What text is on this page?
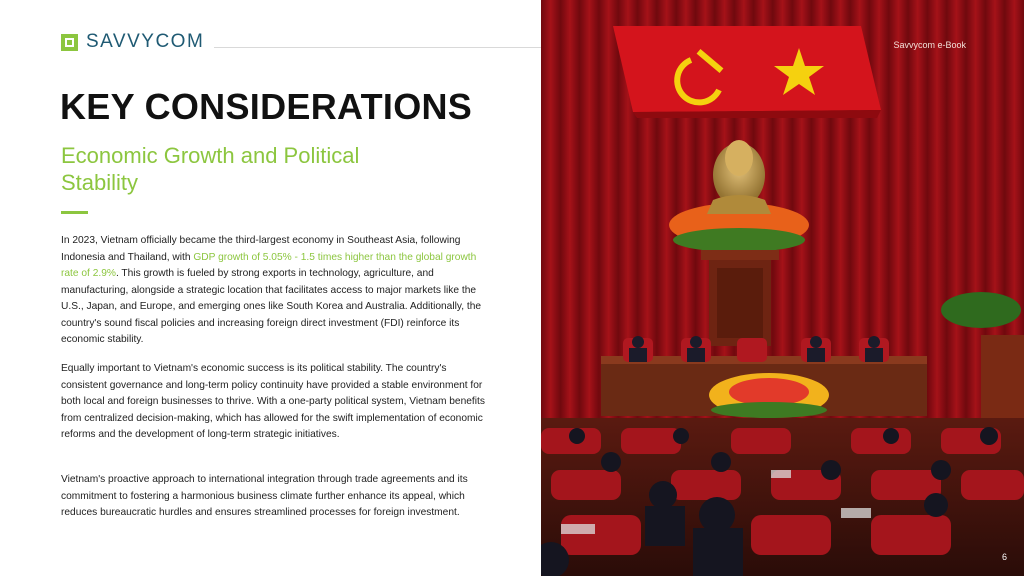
SAVVYCOM
KEY CONSIDERATIONS
Economic Growth and Political Stability

In 2023, Vietnam officially became the third-largest economy in Southeast Asia, following Indonesia and Thailand, with GDP growth of 5.05% - 1.5 times higher than the global growth rate of 2.9%. This growth is fueled by strong exports in technology, agriculture, and manufacturing, alongside a strategic location that facilitates access to major markets like the U.S., Japan, and Europe, and emerging ones like South Korea and Australia. Additionally, the country's sound fiscal policies and increasing foreign direct investment (FDI) reinforce its economic stability.

Equally important to Vietnam's economic success is its political stability. The country's consistent governance and long-term policy continuity have provided a stable environment for both local and foreign businesses to thrive. With a one-party political system, Vietnam benefits from centralized decision-making, which has allowed for the swift implementation of economic reforms and the development of long-term strategic initiatives.

Vietnam's proactive approach to international integration through trade agreements and its commitment to fostering a harmonious business climate further enhance its appeal, which reduces bureaucratic hurdles and ensures streamlined processes for foreign investment.

Savvycom e-Book
6
